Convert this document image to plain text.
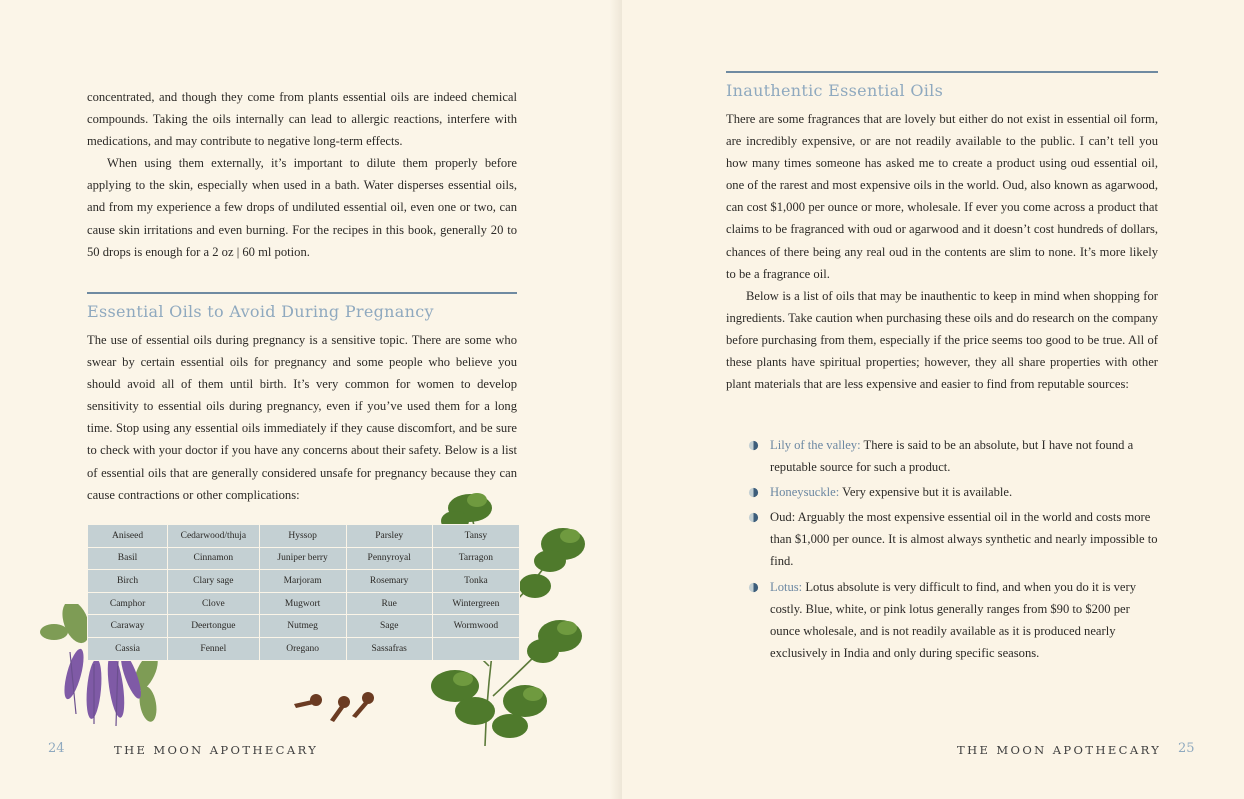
concentrated, and though they come from plants essential oils are indeed chemical compounds. Taking the oils internally can lead to allergic reactions, interfere with medications, and may contribute to negative long-term effects.

When using them externally, it’s important to dilute them properly before applying to the skin, especially when used in a bath. Water disperses essential oils, and from my experience a few drops of undiluted essential oil, even one or two, can cause skin irritations and even burning. For the recipes in this book, generally 20 to 50 drops is enough for a 2 oz | 60 ml potion.

Essential Oils to Avoid During Pregnancy

The use of essential oils during pregnancy is a sensitive topic. There are some who swear by certain essential oils for pregnancy and some people who believe you should avoid all of them until birth. It’s very common for women to develop sensitivity to essential oils during pregnancy, even if you’ve used them for a long time. Stop using any essential oils immediately if they cause discomfort, and be sure to check with your doctor if you have any concerns about their safety. Below is a list of essential oils that are generally considered unsafe for pregnancy because they can cause contractions or other complications:

Aniseed	Cedarwood/thuja	Hyssop	Parsley	Tansy
Basil	Cinnamon	Juniper berry	Pennyroyal	Tarragon
Birch	Clary sage	Marjoram	Rosemary	Tonka
Camphor	Clove	Mugwort	Rue	Wintergreen
Caraway	Deertongue	Nutmeg	Sage	Wormwood
Cassia	Fennel	Oregano	Sassafras	
24	THE MOON APOTHECARY
Inauthentic Essential Oils

There are some fragrances that are lovely but either do not exist in essential oil form, are incredibly expensive, or are not readily available to the public. I can’t tell you how many times someone has asked me to create a product using oud essential oil, one of the rarest and most expensive oils in the world. Oud, also known as agarwood, can cost $1,000 per ounce or more, wholesale. If ever you come across a product that claims to be fragranced with oud or agarwood and it doesn’t cost hundreds of dollars, chances of there being any real oud in the contents are slim to none. It’s more likely to be a fragrance oil.

Below is a list of oils that may be inauthentic to keep in mind when shopping for ingredients. Take caution when purchasing these oils and do research on the company before purchasing from them, especially if the price seems too good to be true. All of these plants have spiritual properties; however, they all share properties with other plant materials that are less expensive and easier to find from reputable sources:

Lily of the valley: There is said to be an absolute, but I have not found a reputable source for such a product.
Honeysuckle: Very expensive but it is available.
Oud: Arguably the most expensive essential oil in the world and costs more than $1,000 per ounce. It is almost always synthetic and nearly impossible to find.
Lotus: Lotus absolute is very difficult to find, and when you do it is very costly. Blue, white, or pink lotus generally ranges from $90 to $200 per ounce wholesale, and is not readily available as it is produced nearly exclusively in India and only during specific seasons.
THE MOON APOTHECARY 25
